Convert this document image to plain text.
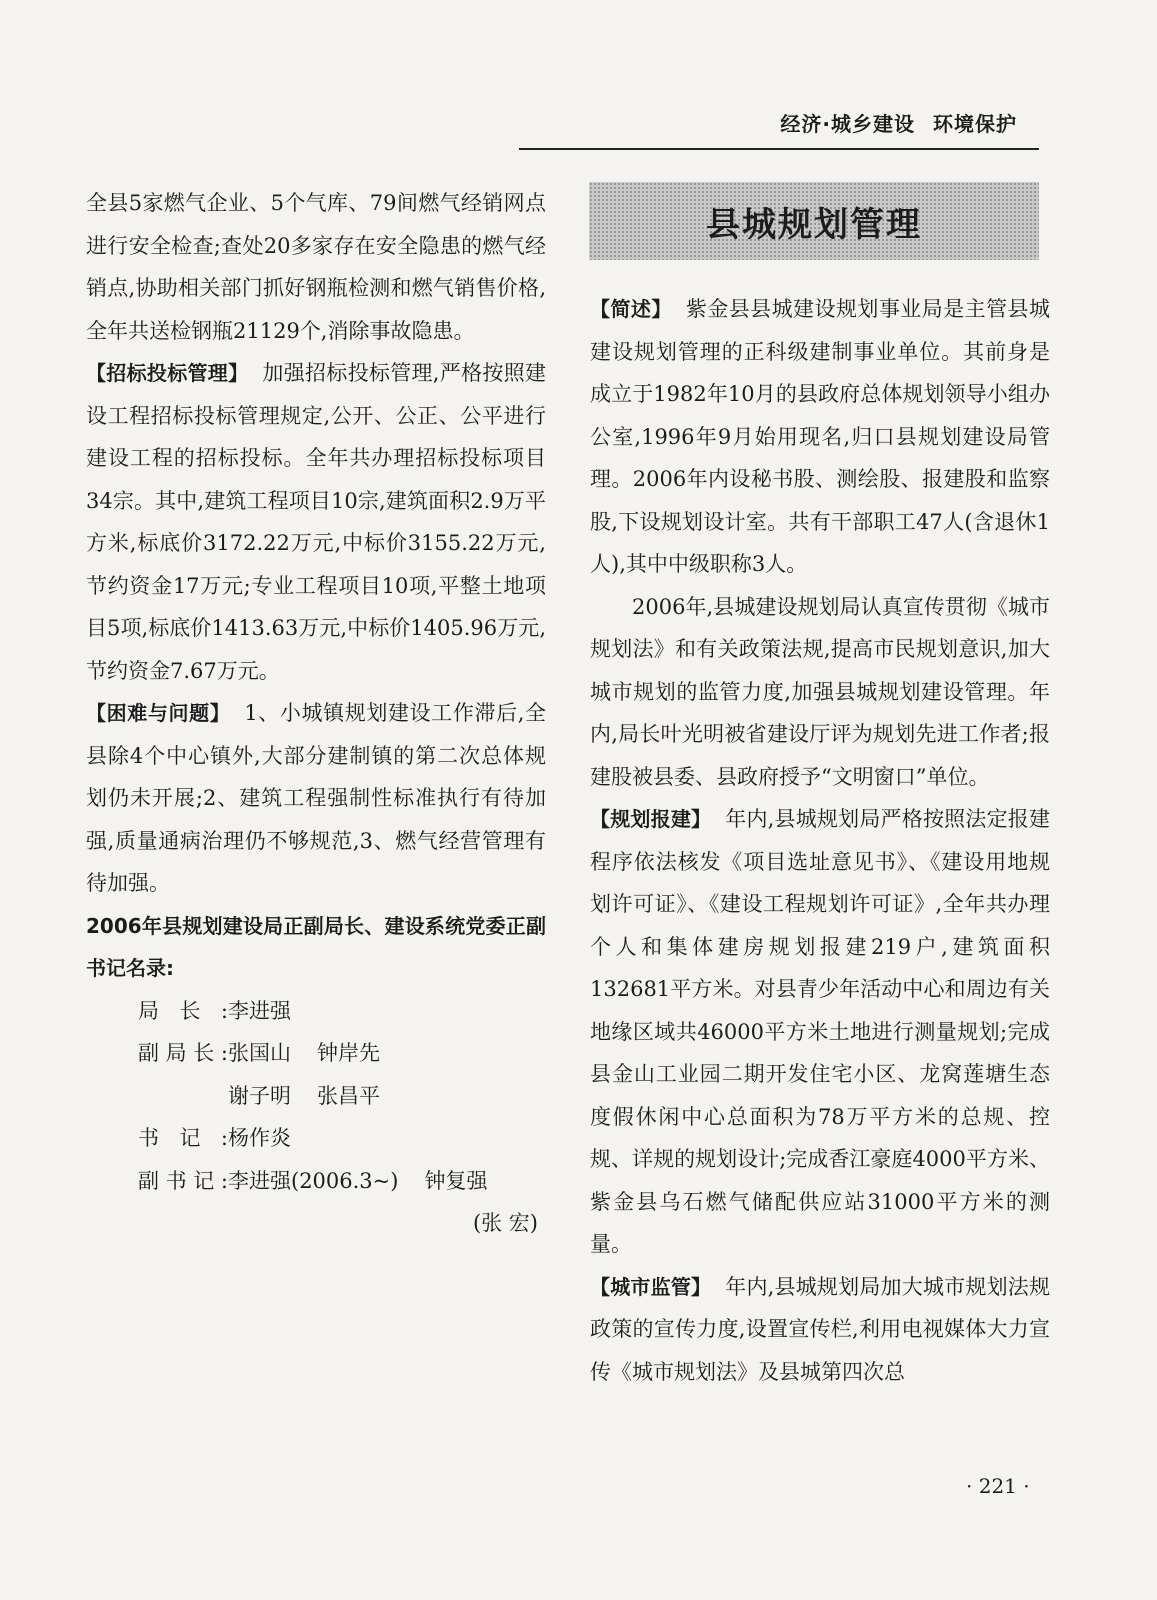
经济·城乡建设 环境保护

全县5家燃气企业、5个气库、79间燃气经销网点进行安全检查;查处20多家存在安全隐患的燃气经销点,协助相关部门抓好钢瓶检测和燃气销售价格,全年共送检钢瓶21129个,消除事故隐患。

【招标投标管理】 加强招标投标管理,严格按照建设工程招标投标管理规定,公开、公正、公平进行建设工程的招标投标。全年共办理招标投标项目34宗。其中,建筑工程项目10宗,建筑面积2.9万平方米,标底价3172.22万元,中标价3155.22万元,节约资金17万元;专业工程项目10项,平整土地项目5项,标底价1413.63万元,中标价1405.96万元,节约资金7.67万元。

【困难与问题】 1、小城镇规划建设工作滞后,全县除4个中心镇外,大部分建制镇的第二次总体规划仍未开展;2、建筑工程强制性标准执行有待加强,质量通病治理仍不够规范,3、燃气经营管理有待加强。

2006年县规划建设局正副局长、建设系统党委正副书记名录:

局长: 李进强
副局长: 张国山 钟岸先
谢子明 张昌平
书记: 杨作炎
副书记: 李进强(2006.3~) 钟复强

(张 宏)

县城规划管理

【简述】 紫金县县城建设规划事业局是主管县城建设规划管理的正科级建制事业单位。其前身是成立于1982年10月的县政府总体规划领导小组办公室,1996年9月始用现名,归口县规划建设局管理。2006年内设秘书股、测绘股、报建股和监察股,下设规划设计室。共有干部职工47人(含退休1人),其中中级职称3人。

2006年,县城建设规划局认真宣传贯彻《城市规划法》和有关政策法规,提高市民规划意识,加大城市规划的监管力度,加强县城规划建设管理。年内,局长叶光明被省建设厅评为规划先进工作者;报建股被县委、县政府授予“文明窗口”单位。

【规划报建】 年内,县城规划局严格按照法定报建程序依法核发《项目选址意见书》、《建设用地规划许可证》、《建设工程规划许可证》,全年共办理个人和集体建房规划报建219户,建筑面积132681平方米。对县青少年活动中心和周边有关地缘区域共46000平方米土地进行测量规划;完成县金山工业园二期开发住宅小区、龙窝莲塘生态度假休闲中心总面积为78万平方米的总规、控规、详规的规划设计;完成香江豪庭4000平方米、紫金县乌石燃气储配供应站31000平方米的测量。

【城市监管】 年内,县城规划局加大城市规划法规政策的宣传力度,设置宣传栏,利用电视媒体大力宣传《城市规划法》及县城第四次总

· 221 ·
